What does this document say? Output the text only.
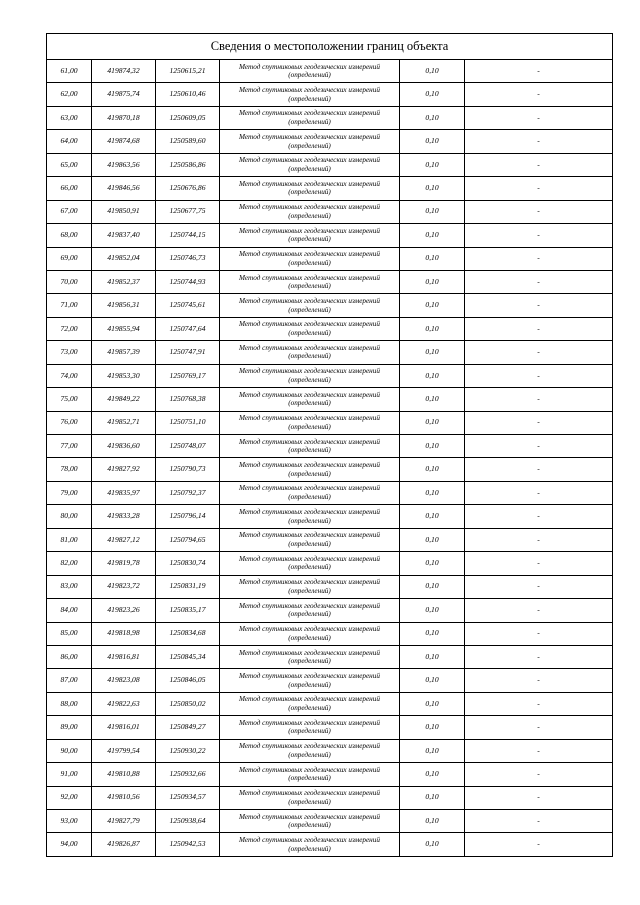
Сведения о местоположении границ объекта					
61,00	419874,32	1250615,21	Метод спутниковых геодезических измерений (определений)	0,10	-
62,00	419875,74	1250610,46	Метод спутниковых геодезических измерений (определений)	0,10	-
63,00	419870,18	1250609,05	Метод спутниковых геодезических измерений (определений)	0,10	-
64,00	419874,68	1250589,60	Метод спутниковых геодезических измерений (определений)	0,10	-
65,00	419863,56	1250586,86	Метод спутниковых геодезических измерений (определений)	0,10	-
66,00	419846,56	1250676,86	Метод спутниковых геодезических измерений (определений)	0,10	-
67,00	419850,91	1250677,75	Метод спутниковых геодезических измерений (определений)	0,10	-
68,00	419837,40	1250744,15	Метод спутниковых геодезических измерений (определений)	0,10	-
69,00	419852,04	1250746,73	Метод спутниковых геодезических измерений (определений)	0,10	-
70,00	419852,37	1250744,93	Метод спутниковых геодезических измерений (определений)	0,10	-
71,00	419856,31	1250745,61	Метод спутниковых геодезических измерений (определений)	0,10	-
72,00	419855,94	1250747,64	Метод спутниковых геодезических измерений (определений)	0,10	-
73,00	419857,39	1250747,91	Метод спутниковых геодезических измерений (определений)	0,10	-
74,00	419853,30	1250769,17	Метод спутниковых геодезических измерений (определений)	0,10	-
75,00	419849,22	1250768,38	Метод спутниковых геодезических измерений (определений)	0,10	-
76,00	419852,71	1250751,10	Метод спутниковых геодезических измерений (определений)	0,10	-
77,00	419836,60	1250748,07	Метод спутниковых геодезических измерений (определений)	0,10	-
78,00	419827,92	1250790,73	Метод спутниковых геодезических измерений (определений)	0,10	-
79,00	419835,97	1250792,37	Метод спутниковых геодезических измерений (определений)	0,10	-
80,00	419833,28	1250796,14	Метод спутниковых геодезических измерений (определений)	0,10	-
81,00	419827,12	1250794,65	Метод спутниковых геодезических измерений (определений)	0,10	-
82,00	419819,78	1250830,74	Метод спутниковых геодезических измерений (определений)	0,10	-
83,00	419823,72	1250831,19	Метод спутниковых геодезических измерений (определений)	0,10	-
84,00	419823,26	1250835,17	Метод спутниковых геодезических измерений (определений)	0,10	-
85,00	419818,98	1250834,68	Метод спутниковых геодезических измерений (определений)	0,10	-
86,00	419816,81	1250845,34	Метод спутниковых геодезических измерений (определений)	0,10	-
87,00	419823,08	1250846,05	Метод спутниковых геодезических измерений (определений)	0,10	-
88,00	419822,63	1250850,02	Метод спутниковых геодезических измерений (определений)	0,10	-
89,00	419816,01	1250849,27	Метод спутниковых геодезических измерений (определений)	0,10	-
90,00	419799,54	1250930,22	Метод спутниковых геодезических измерений (определений)	0,10	-
91,00	419810,88	1250932,66	Метод спутниковых геодезических измерений (определений)	0,10	-
92,00	419810,56	1250934,57	Метод спутниковых геодезических измерений (определений)	0,10	-
93,00	419827,79	1250938,64	Метод спутниковых геодезических измерений (определений)	0,10	-
94,00	419826,87	1250942,53	Метод спутниковых геодезических измерений (определений)	0,10	-
